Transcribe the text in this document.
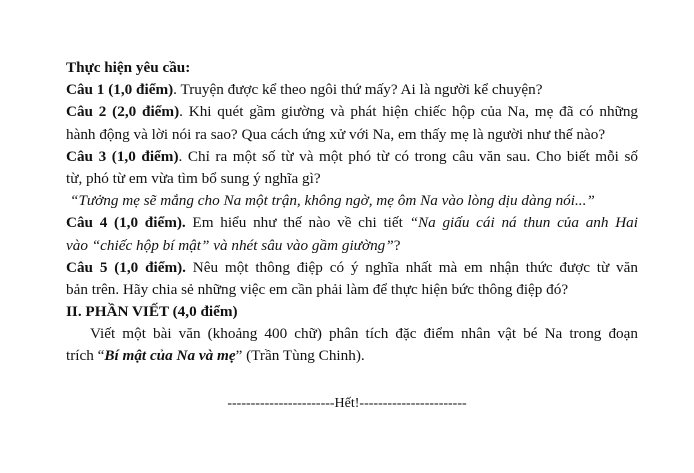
Thực hiện yêu cầu:
Câu 1 (1,0 điểm). Truyện được kể theo ngôi thứ mấy? Ai là người kể chuyện?
Câu 2 (2,0 điểm). Khi quét gầm giường và phát hiện chiếc hộp của Na, mẹ đã có những
hành động và lời nói ra sao? Qua cách ứng xử với Na, em thấy mẹ là người như thế nào?
Câu 3 (1,0 điểm). Chỉ ra một số từ và một phó từ có trong câu văn sau. Cho biết mỗi số
từ, phó từ em vừa tìm bổ sung ý nghĩa gì?
“Tưởng mẹ sẽ mắng cho Na một trận, không ngờ, mẹ ôm Na vào lòng dịu dàng nói...”
Câu 4 (1,0 điểm). Em hiểu như thế nào về chi tiết “Na giấu cái ná thun của anh Hai
vào “chiếc hộp bí mật” và nhét sâu vào gầm giường”?
Câu 5 (1,0 điểm). Nêu một thông điệp có ý nghĩa nhất mà em nhận thức được từ văn
bản trên. Hãy chia sẻ những việc em cần phải làm để thực hiện bức thông điệp đó?
II. PHẦN VIẾT (4,0 điểm)
Viết một bài văn (khoảng 400 chữ) phân tích đặc điểm nhân vật bé Na trong đoạn
trích “Bí mật của Na và mẹ” (Trần Tùng Chinh).
-----------------------Hết!-----------------------
